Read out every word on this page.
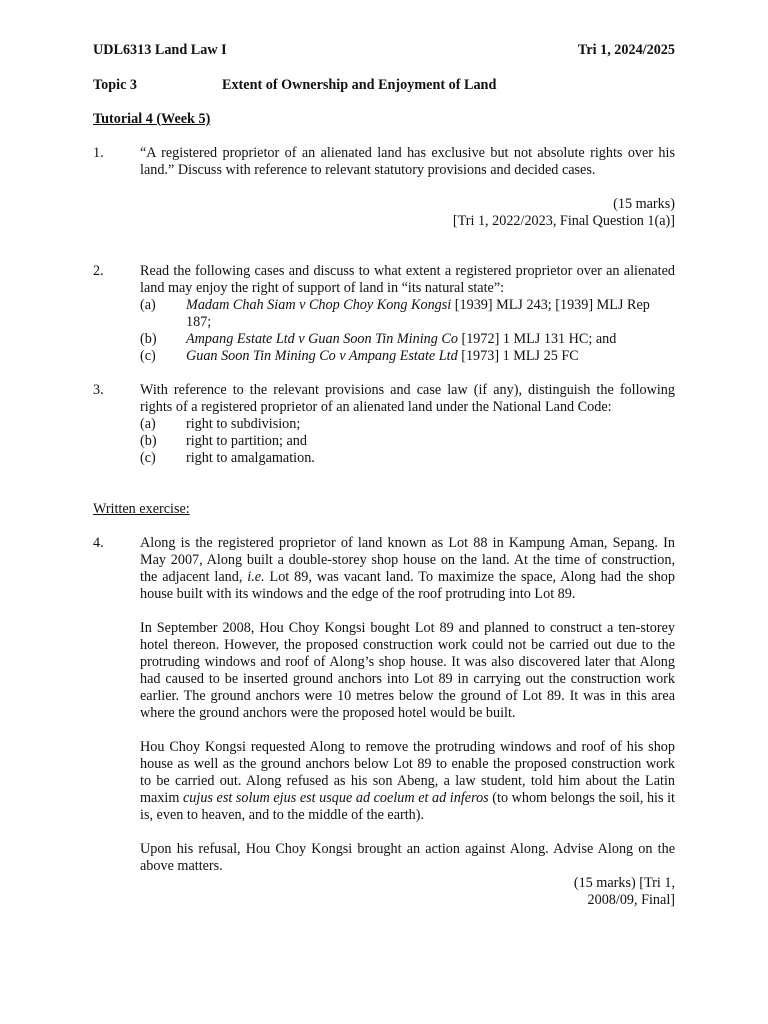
UDL6313 Land Law I	Tri 1, 2024/2025
Topic 3	Extent of Ownership and Enjoyment of Land
Tutorial 4 (Week 5)
1.	“A registered proprietor of an alienated land has exclusive but not absolute rights over his land.” Discuss with reference to relevant statutory provisions and decided cases.
(15 marks)
[Tri 1, 2022/2023, Final Question 1(a)]
2.	Read the following cases and discuss to what extent a registered proprietor over an alienated land may enjoy the right of support of land in “its natural state”:
(a)	Madam Chah Siam v Chop Choy Kong Kongsi [1939] MLJ 243; [1939] MLJ Rep 187;
(b)	Ampang Estate Ltd v Guan Soon Tin Mining Co [1972] 1 MLJ 131 HC; and
(c)	Guan Soon Tin Mining Co v Ampang Estate Ltd [1973] 1 MLJ 25 FC
3.	With reference to the relevant provisions and case law (if any), distinguish the following rights of a registered proprietor of an alienated land under the National Land Code:
(a)	right to subdivision;
(b)	right to partition; and
(c)	right to amalgamation.
Written exercise:
4.	Along is the registered proprietor of land known as Lot 88 in Kampung Aman, Sepang. In May 2007, Along built a double-storey shop house on the land. At the time of construction, the adjacent land, i.e. Lot 89, was vacant land. To maximize the space, Along had the shop house built with its windows and the edge of the roof protruding into Lot 89.
In September 2008, Hou Choy Kongsi bought Lot 89 and planned to construct a ten-storey hotel thereon. However, the proposed construction work could not be carried out due to the protruding windows and roof of Along’s shop house. It was also discovered later that Along had caused to be inserted ground anchors into Lot 89 in carrying out the construction work earlier. The ground anchors were 10 metres below the ground of Lot 89. It was in this area where the ground anchors were the proposed hotel would be built.
Hou Choy Kongsi requested Along to remove the protruding windows and roof of his shop house as well as the ground anchors below Lot 89 to enable the proposed construction work to be carried out. Along refused as his son Abeng, a law student, told him about the Latin maxim cujus est solum ejus est usque ad coelum et ad inferos (to whom belongs the soil, his it is, even to heaven, and to the middle of the earth).
Upon his refusal, Hou Choy Kongsi brought an action against Along. Advise Along on the above matters.
(15 marks) [Tri 1, 2008/09, Final]
